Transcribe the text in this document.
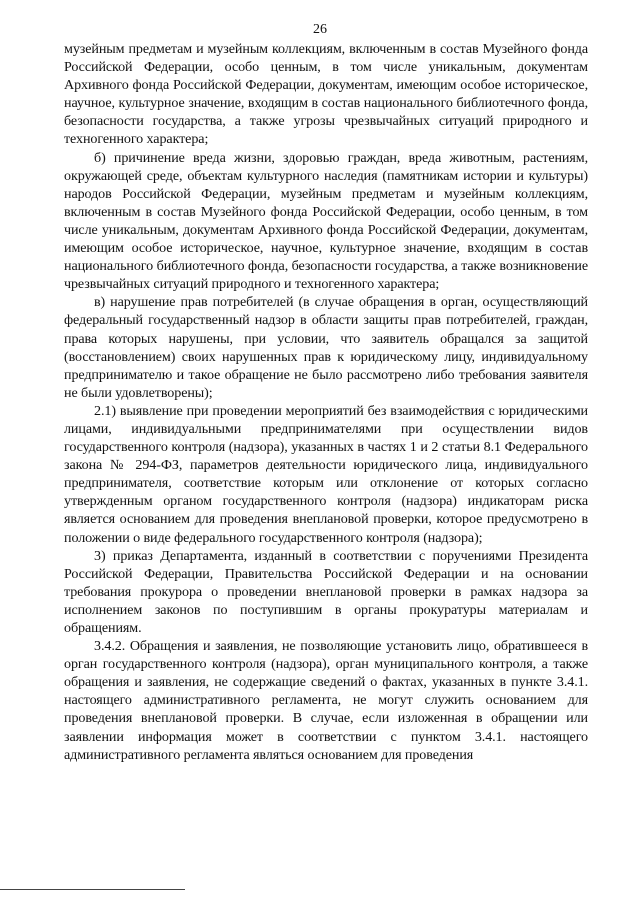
26

музейным предметам и музейным коллекциям, включенным в состав Музейного фонда Российской Федерации, особо ценным, в том числе уникальным, документам Архивного фонда Российской Федерации, документам, имеющим особое историческое, научное, культурное значение, входящим в состав национального библиотечного фонда, безопасности государства, а также угрозы чрезвычайных ситуаций природного и техногенного характера;

б) причинение вреда жизни, здоровью граждан, вреда животным, растениям, окружающей среде, объектам культурного наследия (памятникам истории и культуры) народов Российской Федерации, музейным предметам и музейным коллекциям, включенным в состав Музейного фонда Российской Федерации, особо ценным, в том числе уникальным, документам Архивного фонда Российской Федерации, документам, имеющим особое историческое, научное, культурное значение, входящим в состав национального библиотечного фонда, безопасности государства, а также возникновение чрезвычайных ситуаций природного и техногенного характера;

в) нарушение прав потребителей (в случае обращения в орган, осуществляющий федеральный государственный надзор в области защиты прав потребителей, граждан, права которых нарушены, при условии, что заявитель обращался за защитой (восстановлением) своих нарушенных прав к юридическому лицу, индивидуальному предпринимателю и такое обращение не было рассмотрено либо требования заявителя не были удовлетворены);

2.1) выявление при проведении мероприятий без взаимодействия с юридическими лицами, индивидуальными предпринимателями при осуществлении видов государственного контроля (надзора), указанных в частях 1 и 2 статьи 8.1 Федерального закона № 294-ФЗ, параметров деятельности юридического лица, индивидуального предпринимателя, соответствие которым или отклонение от которых согласно утвержденным органом государственного контроля (надзора) индикаторам риска является основанием для проведения внеплановой проверки, которое предусмотрено в положении о виде федерального государственного контроля (надзора);

3) приказ Департамента, изданный в соответствии с поручениями Президента Российской Федерации, Правительства Российской Федерации и на основании требования прокурора о проведении внеплановой проверки в рамках надзора за исполнением законов по поступившим в органы прокуратуры материалам и обращениям.

3.4.2. Обращения и заявления, не позволяющие установить лицо, обратившееся в орган государственного контроля (надзора), орган муниципального контроля, а также обращения и заявления, не содержащие сведений о фактах, указанных в пункте 3.4.1. настоящего административного регламента, не могут служить основанием для проведения внеплановой проверки. В случае, если изложенная в обращении или заявлении информация может в соответствии с пунктом 3.4.1. настоящего административного регламента являться основанием для проведения
